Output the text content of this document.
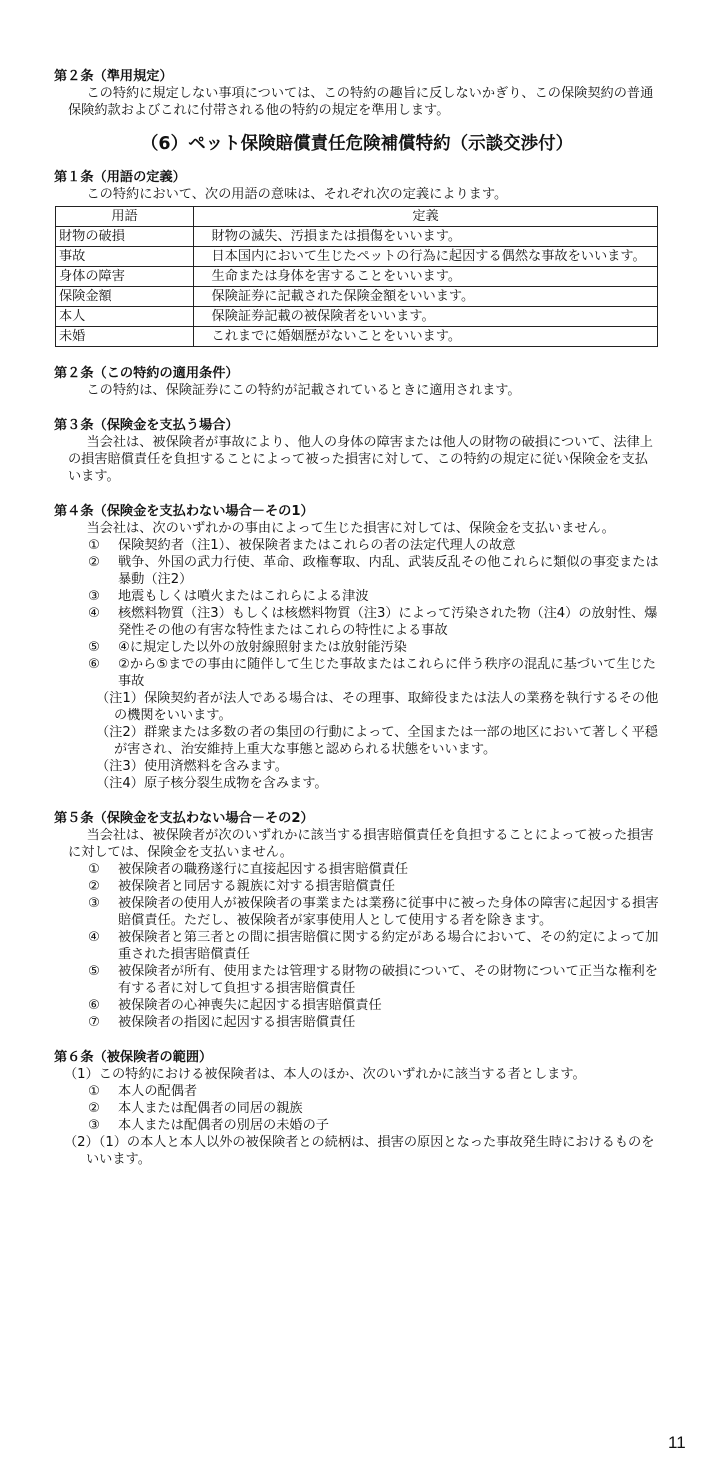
第２条（準用規定）

この特約に規定しない事項については、この特約の趣旨に反しないかぎり、この保険契約の普通保険約款およびこれに付帯される他の特約の規定を準用します。

（6）ペット保険賠償責任危険補償特約（示談交渉付）

第１条（用語の定義）

この特約において、次の用語の意味は、それぞれ次の定義によります。

用語	定義
財物の破損	財物の滅失、汚損または損傷をいいます。
事故	日本国内において生じたペットの行為に起因する偶然な事故をいいます。
身体の障害	生命または身体を害することをいいます。
保険金額	保険証券に記載された保険金額をいいます。
本人	保険証券記載の被保険者をいいます。
未婚	これまでに婚姻歴がないことをいいます。

第２条（この特約の適用条件）

この特約は、保険証券にこの特約が記載されているときに適用されます。

第３条（保険金を支払う場合）

当会社は、被保険者が事故により、他人の身体の障害または他人の財物の破損について、法律上の損害賠償責任を負担することによって被った損害に対して、この特約の規定に従い保険金を支払います。

第４条（保険金を支払わない場合－その1）

当会社は、次のいずれかの事由によって生じた損害に対しては、保険金を支払いません。

① 保険契約者（注1）、被保険者またはこれらの者の法定代理人の故意

② 戦争、外国の武力行使、革命、政権奪取、内乱、武装反乱その他これらに類似の事変または暴動（注2）

③ 地震もしくは噴火またはこれらによる津波

④ 核燃料物質（注3）もしくは核燃料物質（注3）によって汚染された物（注4）の放射性、爆発性その他の有害な特性またはこれらの特性による事故

⑤ ④に規定した以外の放射線照射または放射能汚染

⑥ ②から⑤までの事由に随伴して生じた事故またはこれらに伴う秩序の混乱に基づいて生じた事故

（注1）保険契約者が法人である場合は、その理事、取締役または法人の業務を執行するその他の機関をいいます。

（注2）群衆または多数の者の集団の行動によって、全国または一部の地区において著しく平穏が害され、治安維持上重大な事態と認められる状態をいいます。

（注3）使用済燃料を含みます。

（注4）原子核分裂生成物を含みます。

第５条（保険金を支払わない場合－その2）

当会社は、被保険者が次のいずれかに該当する損害賠償責任を負担することによって被った損害に対しては、保険金を支払いません。

① 被保険者の職務遂行に直接起因する損害賠償責任

② 被保険者と同居する親族に対する損害賠償責任

③ 被保険者の使用人が被保険者の事業または業務に従事中に被った身体の障害に起因する損害賠償責任。ただし、被保険者が家事使用人として使用する者を除きます。

④ 被保険者と第三者との間に損害賠償に関する約定がある場合において、その約定によって加重された損害賠償責任

⑤ 被保険者が所有、使用または管理する財物の破損について、その財物について正当な権利を有する者に対して負担する損害賠償責任

⑥ 被保険者の心神喪失に起因する損害賠償責任

⑦ 被保険者の指図に起因する損害賠償責任

第６条（被保険者の範囲）

（1）この特約における被保険者は、本人のほか、次のいずれかに該当する者とします。

① 本人の配偶者

② 本人または配偶者の同居の親族

③ 本人または配偶者の別居の未婚の子

（2）（1）の本人と本人以外の被保険者との続柄は、損害の原因となった事故発生時におけるものをいいます。

11
